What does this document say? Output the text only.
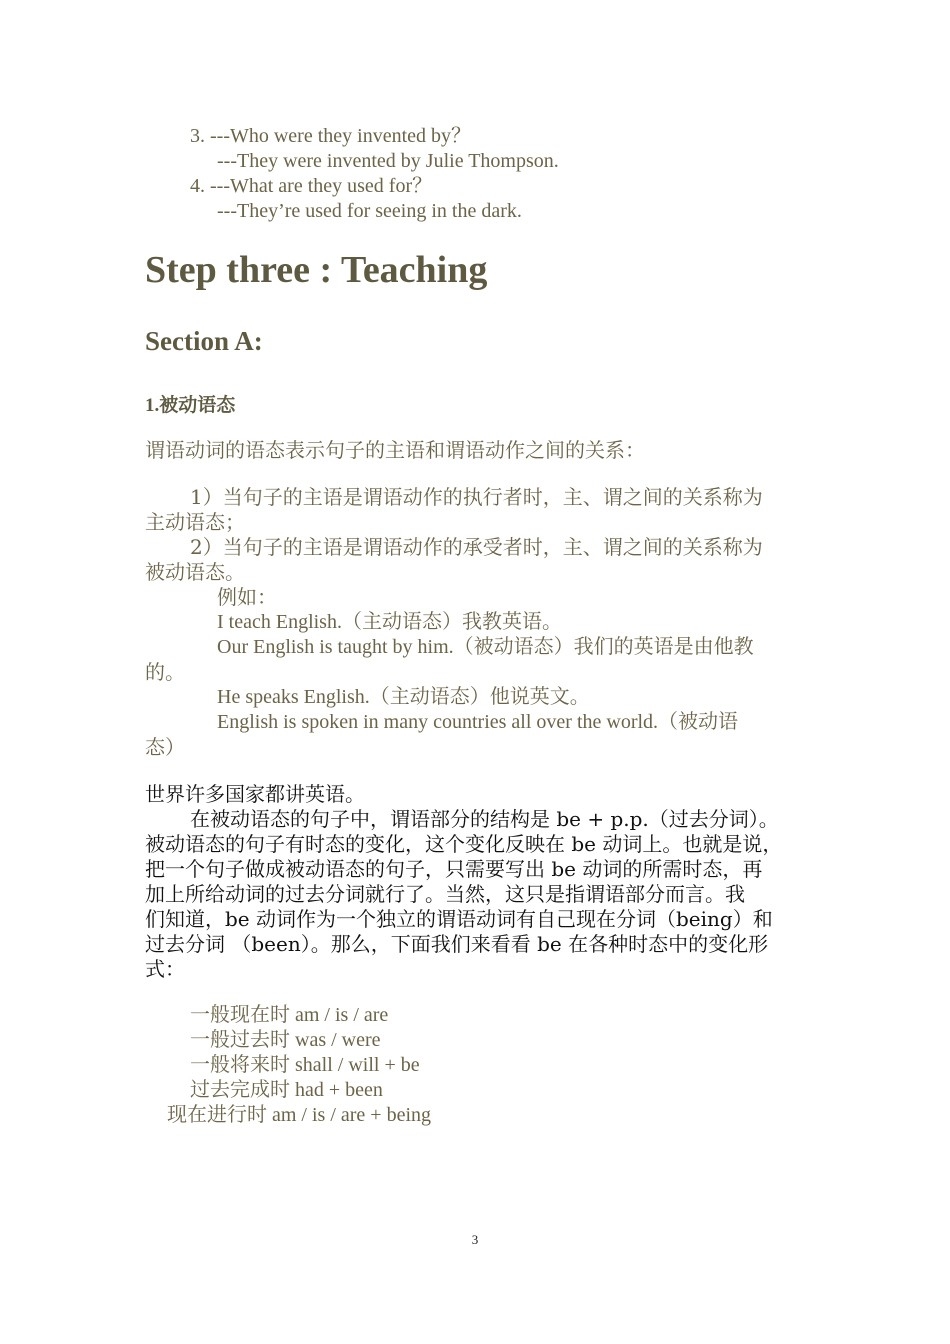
3. ---Who were they invented by？
---They were invented by Julie Thompson.
4. ---What are they used for？
---They’re used for seeing in the dark.
Step three : Teaching
Section A:
1.被动语态
谓语动词的语态表示句子的主语和谓语动作之间的关系：
1）当句子的主语是谓语动作的执行者时，主、谓之间的关系称为
主动语态；
2）当句子的主语是谓语动作的承受者时，主、谓之间的关系称为
被动语态。
例如：
I teach English.（主动语态）我教英语。
Our English is taught by him.（被动语态）我们的英语是由他教
的。
He speaks English.（主动语态）他说英文。
English is spoken in many countries all over the world.（被动语
态）
世界许多国家都讲英语。
在被动语态的句子中，谓语部分的结构是 be + p.p.（过去分词）。
被动语态的句子有时态的变化，这个变化反映在 be 动词上。也就是说，
把一个句子做成被动语态的句子，只需要写出 be 动词的所需时态，再
加上所给动词的过去分词就行了。当然，这只是指谓语部分而言。我
们知道，be 动词作为一个独立的谓语动词有自己现在分词（being）和
过去分词 （been）。那么，下面我们来看看 be 在各种时态中的变化形
式：
一般现在时 am / is / are
一般过去时 was / were
一般将来时 shall / will + be
过去完成时 had + been
现在进行时 am / is / are + being
3
